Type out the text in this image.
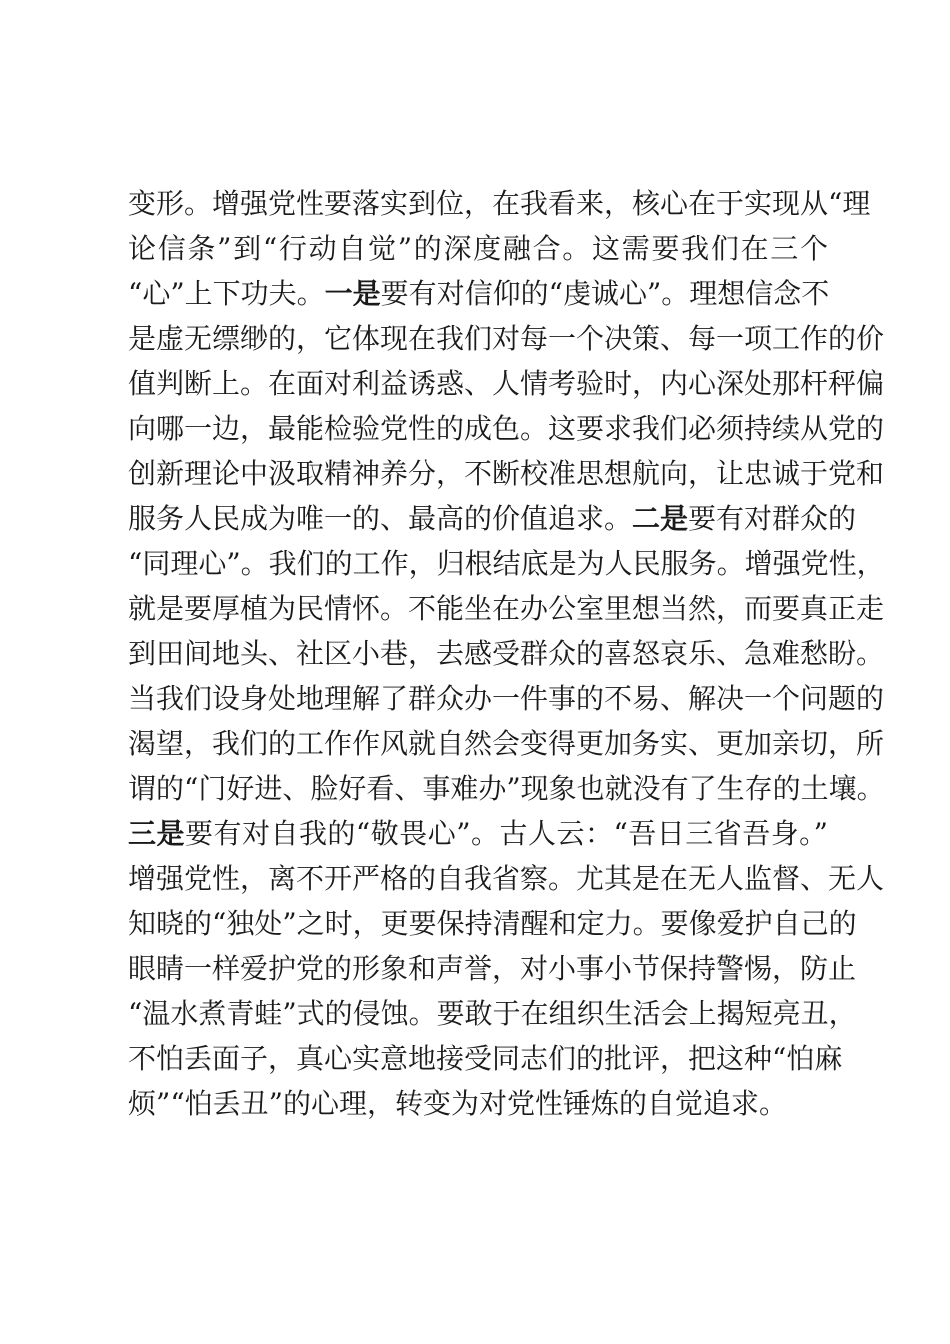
变形。增强党性要落实到位，在我看来，核心在于实现从“理
论信条”到“行动自觉”的深度融合。这需要我们在三个
“心”上下功夫。一是要有对信仰的“虔诚心”。理想信念不
是虚无缥缈的，它体现在我们对每一个决策、每一项工作的价
值判断上。在面对利益诱惑、人情考验时，内心深处那杆秤偏
向哪一边，最能检验党性的成色。这要求我们必须持续从党的
创新理论中汲取精神养分，不断校准思想航向，让忠诚于党和
服务人民成为唯一的、最高的价值追求。二是要有对群众的
“同理心”。我们的工作，归根结底是为人民服务。增强党性，
就是要厚植为民情怀。不能坐在办公室里想当然，而要真正走
到田间地头、社区小巷，去感受群众的喜怒哀乐、急难愁盼。
当我们设身处地理解了群众办一件事的不易、解决一个问题的
渴望，我们的工作作风就自然会变得更加务实、更加亲切，所
谓的“门好进、脸好看、事难办”现象也就没有了生存的土壤。
三是要有对自我的“敬畏心”。古人云：“吾日三省吾身。”
增强党性，离不开严格的自我省察。尤其是在无人监督、无人
知晓的“独处”之时，更要保持清醒和定力。要像爱护自己的
眼睛一样爱护党的形象和声誉，对小事小节保持警惕，防止
“温水煮青蛙”式的侵蚀。要敢于在组织生活会上揭短亮丑，
不怕丢面子，真心实意地接受同志们的批评，把这种“怕麻
烦”“怕丢丑”的心理，转变为对党性锤炼的自觉追求。
